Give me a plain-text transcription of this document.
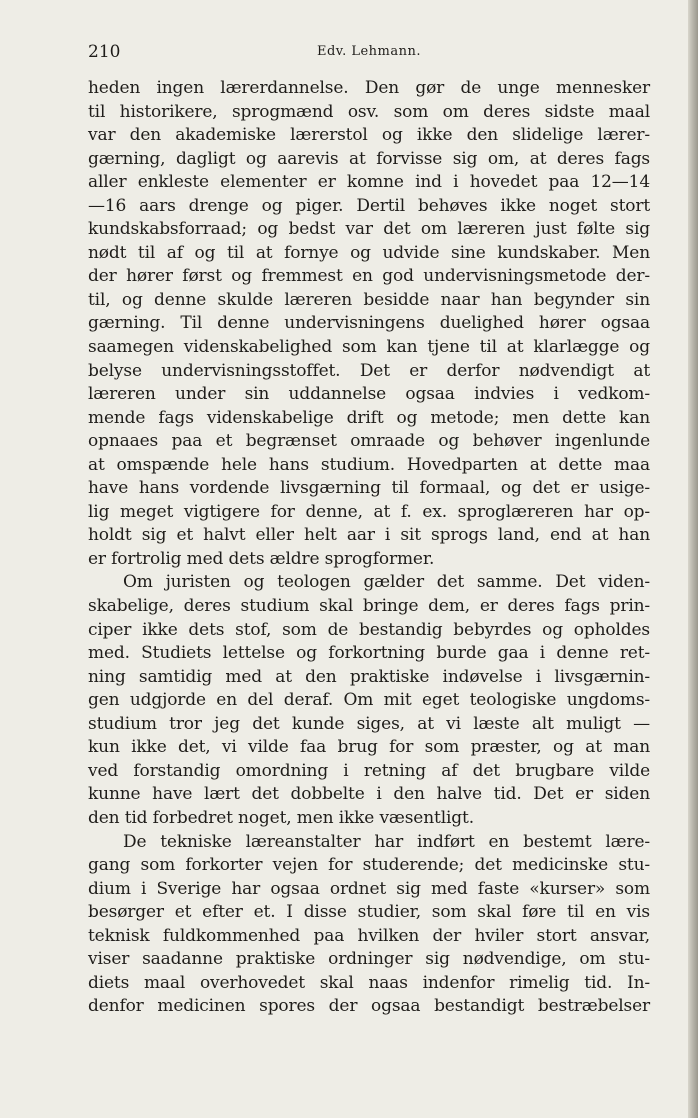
210	Edv. Lehmann.
heden ingen lærerdannelse. Den gør de unge mennesker
til historikere, sprogmænd osv. som om deres sidste maal
var den akademiske lærerstol og ikke den slidelige lærer-
gærning, dagligt og aarevis at forvisse sig om, at deres fags
aller enkleste elementer er komne ind i hovedet paa 12—14
—16 aars drenge og piger. Dertil behøves ikke noget stort
kundskabsforraad; og bedst var det om læreren just følte sig
nødt til af og til at fornye og udvide sine kundskaber. Men
der hører først og fremmest en god undervisningsmetode der-
til, og denne skulde læreren besidde naar han begynder sin
gærning. Til denne undervisningens duelighed hører ogsaa
saamegen videnskabelighed som kan tjene til at klarlægge og
belyse undervisningsstoffet. Det er derfor nødvendigt at
læreren under sin uddannelse ogsaa indvies i vedkom-
mende fags videnskabelige drift og metode; men dette kan
opnaaes paa et begrænset omraade og behøver ingenlunde
at omspænde hele hans studium. Hovedparten at dette maa
have hans vordende livsgærning til formaal, og det er usige-
lig meget vigtigere for denne, at f. ex. sproglæreren har op-
holdt sig et halvt eller helt aar i sit sprogs land, end at han
er fortrolig med dets ældre sprogformer.
Om juristen og teologen gælder det samme. Det viden-
skabelige, deres studium skal bringe dem, er deres fags prin-
ciper ikke dets stof, som de bestandig bebyrdes og opholdes
med. Studiets lettelse og forkortning burde gaa i denne ret-
ning samtidig med at den praktiske indøvelse i livsgærnin-
gen udgjorde en del deraf. Om mit eget teologiske ungdoms-
studium tror jeg det kunde siges, at vi læste alt muligt —
kun ikke det, vi vilde faa brug for som præster, og at man
ved forstandig omordning i retning af det brugbare vilde
kunne have lært det dobbelte i den halve tid. Det er siden
den tid forbedret noget, men ikke væsentligt.
De tekniske læreanstalter har indført en bestemt lære-
gang som forkorter vejen for studerende; det medicinske stu-
dium i Sverige har ogsaa ordnet sig med faste «kurser» som
besørger et efter et. I disse studier, som skal føre til en vis
teknisk fuldkommenhed paa hvilken der hviler stort ansvar,
viser saadanne praktiske ordninger sig nødvendige, om stu-
diets maal overhovedet skal naas indenfor rimelig tid. In-
denfor medicinen spores der ogsaa bestandigt bestræbelser
